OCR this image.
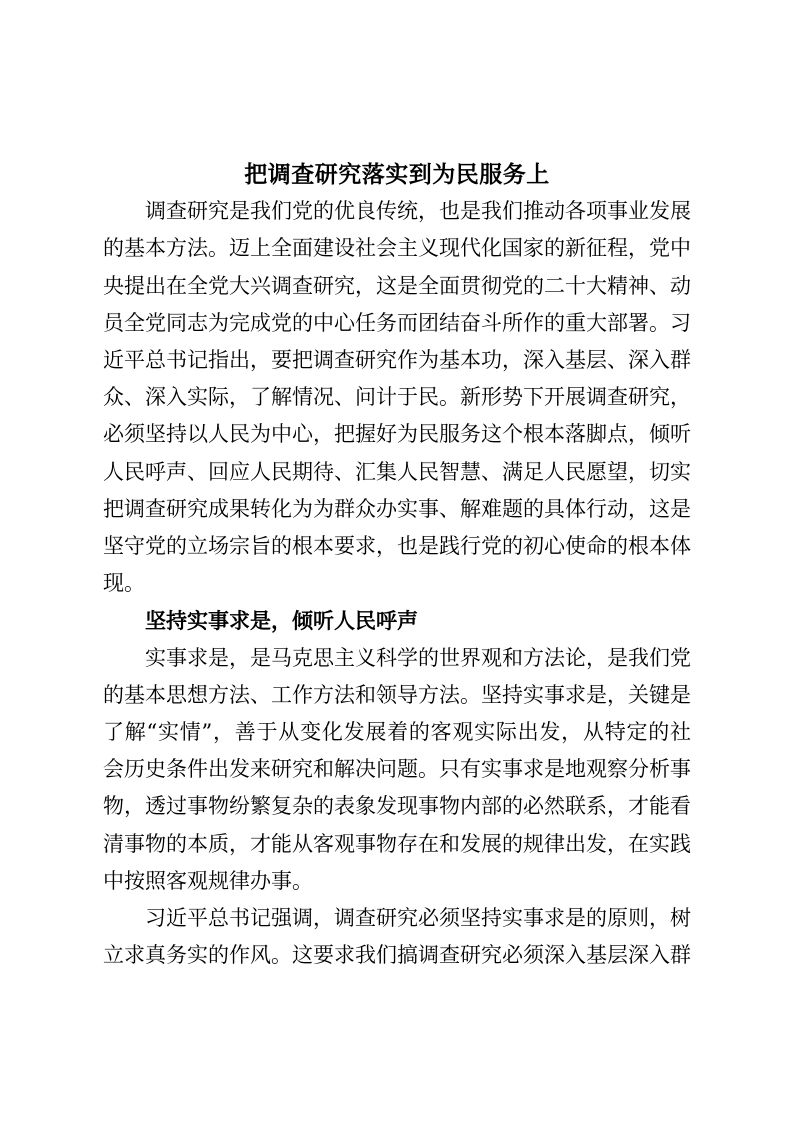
把调查研究落实到为民服务上

调查研究是我们党的优良传统，也是我们推动各项事业发展的基本方法。迈上全面建设社会主义现代化国家的新征程，党中央提出在全党大兴调查研究，这是全面贯彻党的二十大精神、动员全党同志为完成党的中心任务而团结奋斗所作的重大部署。习近平总书记指出，要把调查研究作为基本功，深入基层、深入群众、深入实际，了解情况、问计于民。新形势下开展调查研究，必须坚持以人民为中心，把握好为民服务这个根本落脚点，倾听人民呼声、回应人民期待、汇集人民智慧、满足人民愿望，切实把调查研究成果转化为为群众办实事、解难题的具体行动，这是坚守党的立场宗旨的根本要求，也是践行党的初心使命的根本体现。

坚持实事求是，倾听人民呼声

实事求是，是马克思主义科学的世界观和方法论，是我们党的基本思想方法、工作方法和领导方法。坚持实事求是，关键是了解“实情”，善于从变化发展着的客观实际出发，从特定的社会历史条件出发来研究和解决问题。只有实事求是地观察分析事物，透过事物纷繁复杂的表象发现事物内部的必然联系，才能看清事物的本质，才能从客观事物存在和发展的规律出发，在实践中按照客观规律办事。

习近平总书记强调，调查研究必须坚持实事求是的原则，树立求真务实的作风。这要求我们搞调查研究必须深入基层深入群
